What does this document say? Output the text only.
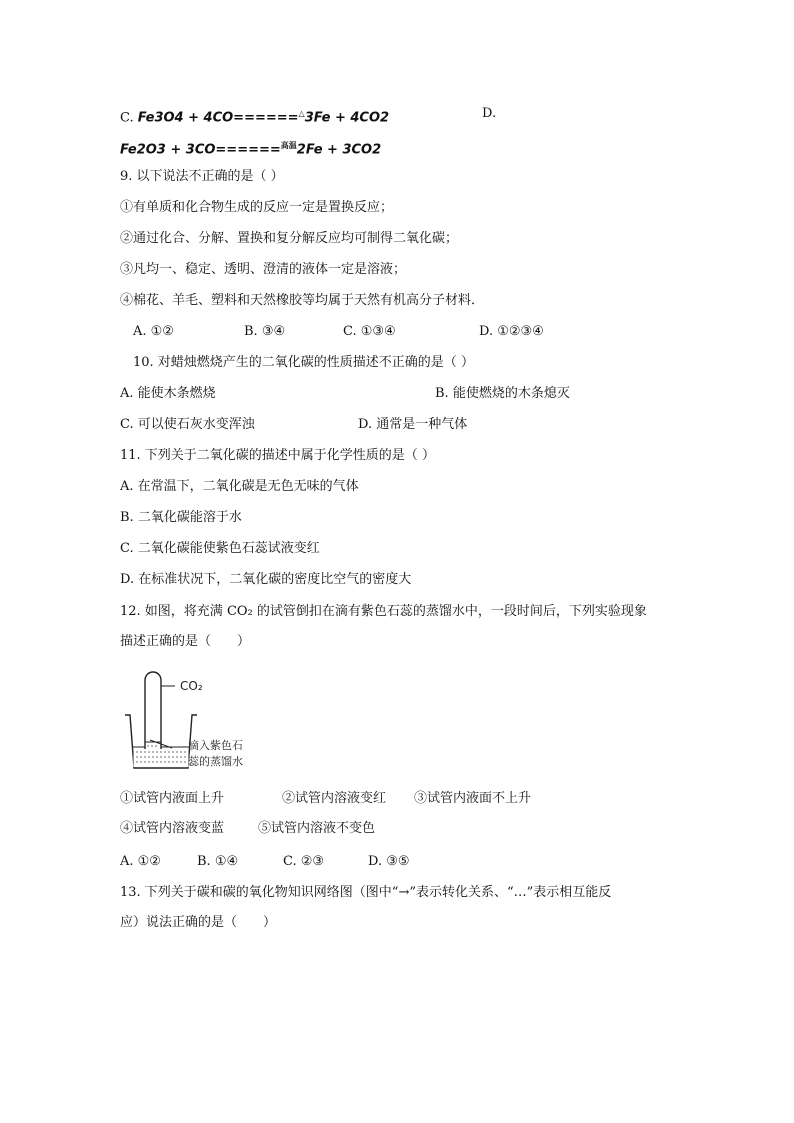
C. Fe3O4 + 4CO======△3Fe + 4CO2	D.
Fe2O3 + 3CO======$^{高温}$2Fe + 3CO2
9. 以下说法不正确的是（ ）
①有单质和化合物生成的反应一定是置换反应；
②通过化合、分解、置换和复分解反应均可制得二氧化碳；
③凡均一、稳定、透明、澄清的液体一定是溶液；
④棉花、羊毛、塑料和天然橡胶等均属于天然有机高分子材料．
A. ①②	B. ③④	C. ①③④	D. ①②③④
10. 对蜡烛燃烧产生的二氧化碳的性质描述不正确的是（ ）
A. 能使木条燃烧	B. 能使燃烧的木条熄灭
C. 可以使石灰水变浑浊	D. 通常是一种气体
11. 下列关于二氧化碳的描述中属于化学性质的是（ ）
A. 在常温下，二氧化碳是无色无味的气体
B. 二氧化碳能溶于水
C. 二氧化碳能使紫色石蕊试液变红
D. 在标准状况下，二氧化碳的密度比空气的密度大
12. 如图，将充满 CO₂ 的试管倒扣在滴有紫色石蕊的蒸馏水中，一段时间后，下列实验现象
描述正确的是（　　）
CO₂
滴入紫色石
蕊的蒸馏水
①试管内液面上升	②试管内溶液变红 ③试管内液面不上升
④试管内溶液变蓝	⑤试管内溶液不变色
A. ①②	B. ①④	C. ②③	D. ③⑤
13. 下列关于碳和碳的氧化物知识网络图（图中“→”表示转化关系、“…”表示相互能反
应）说法正确的是（　　）
